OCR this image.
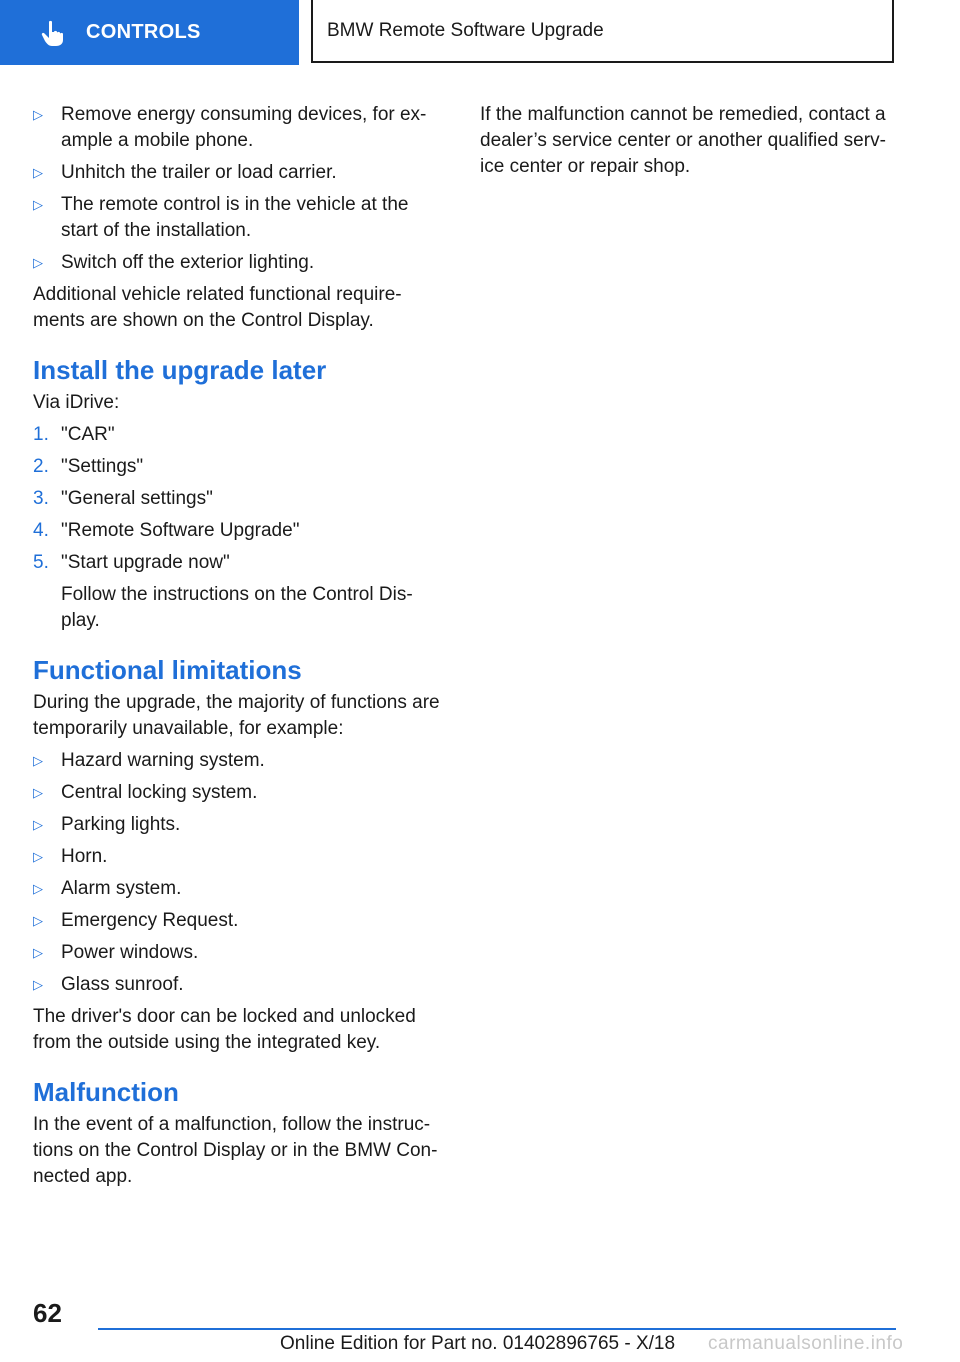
CONTROLS	BMW Remote Software Upgrade
▷ Remove energy consuming devices, for ex‐ ample a mobile phone.
▷ Unhitch the trailer or load carrier.
▷ The remote control is in the vehicle at the start of the installation.
▷ Switch off the exterior lighting.

Additional vehicle related functional require‐ ments are shown on the Control Display.

Install the upgrade later

Via iDrive:

1. "CAR"
2. "Settings"
3. "General settings"
4. "Remote Software Upgrade"
5. "Start upgrade now"

Follow the instructions on the Control Dis‐ play.

Functional limitations

During the upgrade, the majority of functions are temporarily unavailable, for example:

▷ Hazard warning system.
▷ Central locking system.
▷ Parking lights.
▷ Horn.
▷ Alarm system.
▷ Emergency Request.
▷ Power windows.
▷ Glass sunroof.

The driver's door can be locked and unlocked from the outside using the integrated key.

Malfunction

In the event of a malfunction, follow the instruc‐ tions on the Control Display or in the BMW Con‐ nected app.

If the malfunction cannot be remedied, contact a dealer’s service center or another qualified serv‐ ice center or repair shop.

62
Online Edition for Part no. 01402896765 - X/18 carmanualsonline.info
